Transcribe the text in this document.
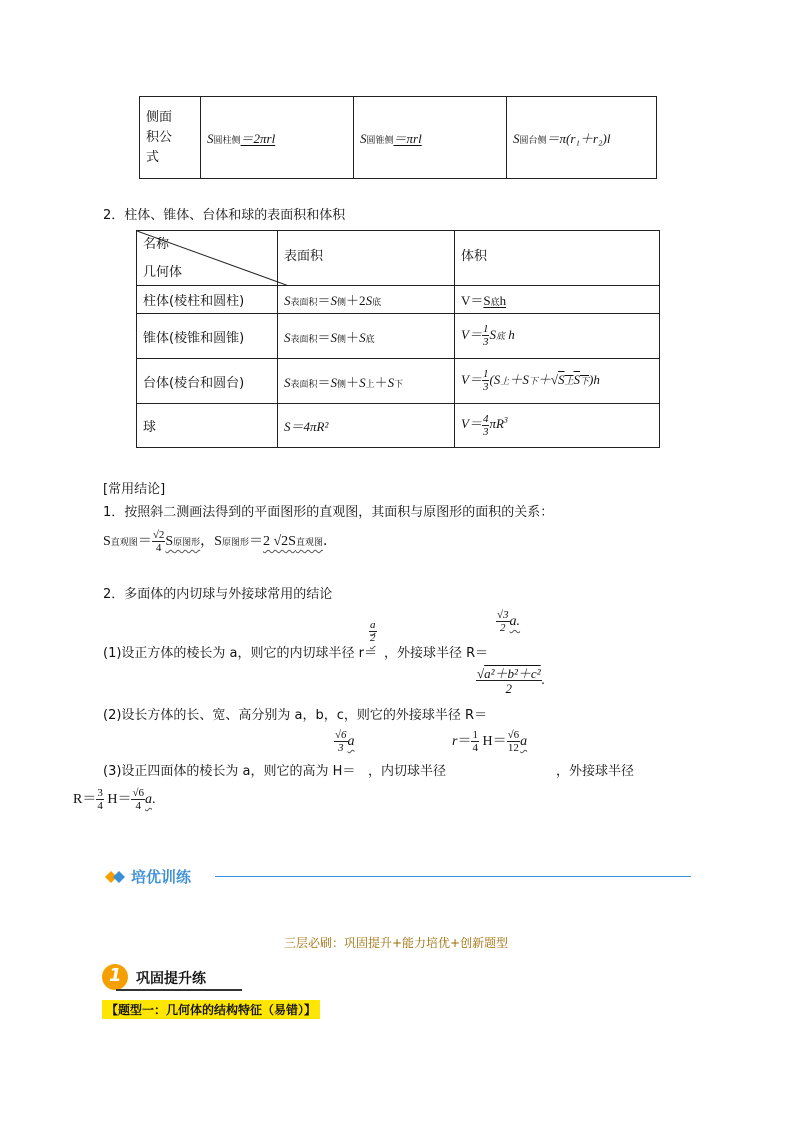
侧面
积公
式
	S圆柱侧＝2πrl	S圆锥侧＝πrl	S圆台侧＝π(r₁＋r₂)l
2．柱体、锥体、台体和球的表面积和体积
名称
几何体	表面积	体积
柱体(棱柱和圆柱)	S表面积＝S侧＋2S底	V＝S底h
锥体(棱锥和圆锥)	S表面积＝S侧＋S底	$V= \frac{1}{3}$ S底 h
台体(棱台和圆台)	S表面积＝S侧＋S上＋S下	$V= \frac{1}{3} (S$上＋S下＋√S上S下)h
球	S＝4πR²	$V= \frac{4}{3} \pi R^3$
[常用结论]
1．按照斜二测画法得到的平面图形的直观图，其面积与原图形的面积的关系：
S直观图＝ $\frac{√2}{4}$ S原图形，S原图形＝2 √2S直观图．
2．多面体的内切球与外接球常用的结论
(1)设正方体的棱长为 a，则它的内切球半径 r＝
$\frac{a}{2}$
，外接球半径 R＝
$\frac{√3}{2} a$.
(2)设长方体的长、宽、高分别为 a，b，c，则它的外接球半径 R＝
$\frac{\text{√a²＋b²＋c²}}{2}$ .
(3)设正四面体的棱长为 a，则它的高为 H＝
$\frac{√6}{3}$ a
，内切球半径
$r= \frac{1}{4} H= \frac{√6}{12}$ a
，外接球半径
$R= \frac{3}{4} H= \frac{√6}{4} a$.
培优训练
三层必刷：巩固提升+能力培优+创新题型
1 巩固提升练
【题型一：几何体的结构特征（易错）】
